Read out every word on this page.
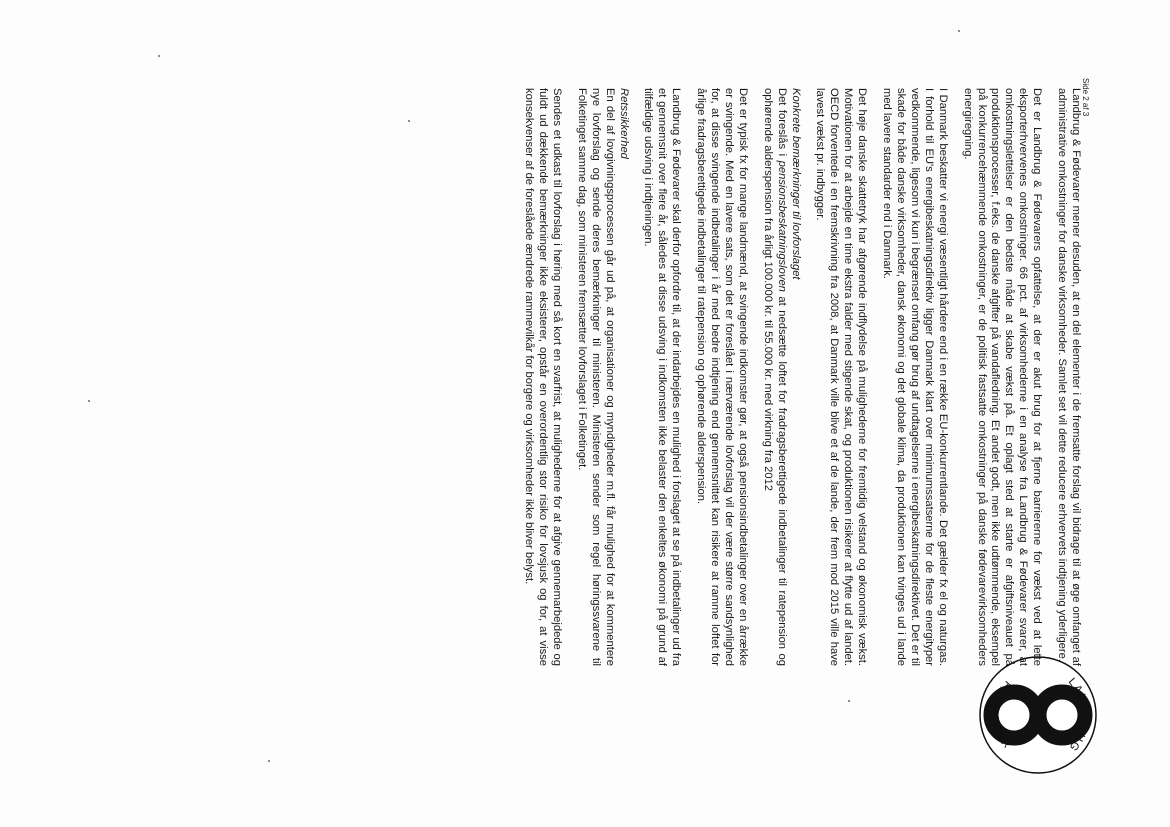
Side 2 af 3
LANDBRUG
FØDEVARER

Landbrug & Fødevarer mener desuden, at en del elementer i de fremsatte forslag vil bidrage til at øge omfanget af administrative omkostninger for danske virksomheder. Samlet set vil dette reducere erhvervets indtjening yderligere.

Det er Landbrug & Fødevarers opfattelse, at der er akut brug for at fjerne barriererne for vækst ved at lette eksporterhvervenes omkostninger. 66 pct. af virksomhederne i en analyse fra Landbrug & Fødevarer svarer, at omkostningslettelser er den bedste måde at skabe vækst på. Et oplagt sted at starte er afgiftsniveauet på produktionsprocesser, f.eks. de danske afgifter på vandafledning. Et andet godt, men ikke udtømmende, eksempel på konkurrencehæmmende omkostninger, er de politisk fastsatte omkostninger på danske fødevarevirksomheders energiregning.

I Danmark beskatter vi energi væsentligt hårdere end i en række EU-konkurrentlande. Det gælder fx el og naturgas. I forhold til EU's energibeskatningsdirektiv ligger Danmark klart over minimumssatserne for de fleste energityper vedkommende, ligesom vi kun i begrænset omfang gør brug af undtagelserne i energibeskatningsdirektivet. Det er til skade for både danske virksomheder, dansk økonomi og det globale klima, da produktionen kan tvinges ud i lande med lavere standarder end i Danmark.

Det høje danske skattetryk har afgørende indflydelse på mulighederne for fremtidig velstand og økonomisk vækst. Motivationen for at arbejde en time ekstra falder med stigende skat, og produktionen risikerer at flytte ud af landet. OECD forventede i en fremskrivning fra 2008, at Danmark ville blive et af de lande, der frem mod 2015 ville have lavest vækst pr. indbygger.

Konkrete bemærkninger til lovforslaget

Det foreslås i pensionsbeskatningsloven at nedsætte loftet for fradragsberettigede indbetalinger til ratepension og ophørende alderspension fra årligt 100.000 kr. til 55.000 kr. med virkning fra 2012

Det er typisk fx for mange landmænd, at svingende indkomster gør, at også pensionsindbetalinger over en årrække er svingende. Med en lavere sats, som det er foreslået i nærværende lovforslag vil der være større sandsynlighed for, at disse svingende indbetalinger i år med bedre indtjening end gennemsnittet kan risikere at ramme loftet for årlige fradragsberettigede indbetalinger til ratepension og ophørende alderspension.

Landbrug & Fødevarer skal derfor opfordre til, at der indarbejdes en mulighed i forslaget at se på indbetalinger ud fra et gennemsnit over flere år, således at disse udsving i indkomsten ikke belaster den enkeltes økonomi på grund af tilfældige udsving i indtjeningen.

Retssikkerhed

En del af lovgivningsprocessen går ud på, at organisationer og myndigheder m.fl. får mulighed for at kommentere nye lovforslag og sende deres bemærkninger til ministeren. Ministeren sender som regel høringssvarene til Folketinget samme dag, som ministeren fremsætter lovforslaget i Folketinget.

Sendes et udkast til lovforslag i høring med så kort en svarfrist, at mulighederne for at afgive gennemarbejdede og fuldt ud dækkende bemærkninger ikke eksisterer, opstår en overordentlig stor risiko for lovsjusk og for, at visse konsekvenser af de foreslåede ændrede rammevilkår for borgere og virksomheder ikke bliver belyst.
